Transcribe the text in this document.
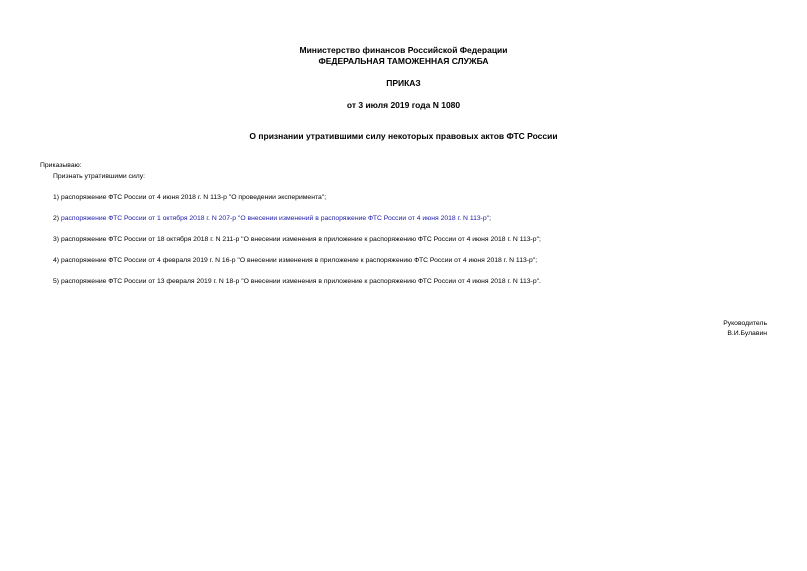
Министерство финансов Российской Федерации
ФЕДЕРАЛЬНАЯ ТАМОЖЕННАЯ СЛУЖБА
ПРИКАЗ
от 3 июля 2019 года N 1080
О признании утратившими силу некоторых правовых актов ФТС России
Приказываю:
Признать утратившими силу:
1) распоряжение ФТС России от 4 июня 2018 г. N 113-р "О проведении эксперимента";
2) распоряжение ФТС России от 1 октября 2018 г. N 207-р "О внесении изменений в распоряжение ФТС России от 4 июня 2018 г. N 113-р";
3) распоряжение ФТС России от 18 октября 2018 г. N 211-р "О внесении изменения в приложение к распоряжению ФТС России от 4 июня 2018 г. N 113-р";
4) распоряжение ФТС России от 4 февраля 2019 г. N 16-р "О внесении изменения в приложение к распоряжению ФТС России от 4 июня 2018 г. N 113-р";
5) распоряжение ФТС России от 13 февраля 2019 г. N 18-р "О внесении изменения в приложение к распоряжению ФТС России от 4 июня 2018 г. N 113-р".
Руководитель
В.И.Булавин
